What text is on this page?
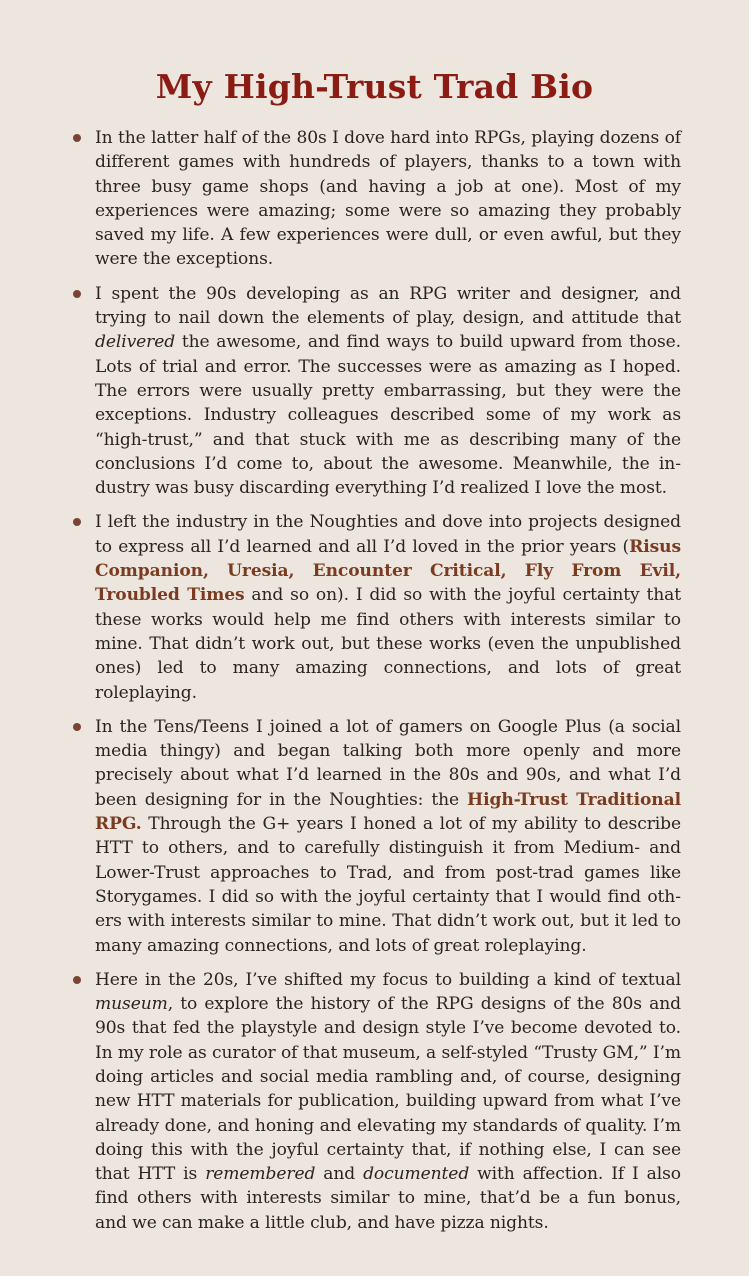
My High-Trust Trad Bio
In the latter half of the 80s I dove hard into RPGs, playing dozens of different games with hundreds of players, thanks to a town with three busy game shops (and having a job at one). Most of my experiences were amazing; some were so amazing they probably saved my life. A few experiences were dull, or even awful, but they were the exceptions.
I spent the 90s developing as an RPG writer and designer, and trying to nail down the elements of play, design, and attitude that delivered the awesome, and find ways to build upward from those. Lots of trial and error. The successes were as amazing as I hoped. The errors were usually pretty embarrassing, but they were the exceptions. Industry colleagues described some of my work as “high-trust,” and that stuck with me as describing many of the conclusions I’d come to, about the awesome. Meanwhile, the industry was busy discarding everything I’d realized I love the most.
I left the industry in the Noughties and dove into projects designed to express all I’d learned and all I’d loved in the prior years (Risus Companion, Uresia, Encounter Critical, Fly From Evil, Troubled Times and so on). I did so with the joyful certainty that these works would help me find others with interests similar to mine. That didn’t work out, but these works (even the unpublished ones) led to many amazing connections, and lots of great roleplaying.
In the Tens/Teens I joined a lot of gamers on Google Plus (a social media thingy) and began talking both more openly and more precisely about what I’d learned in the 80s and 90s, and what I’d been designing for in the Noughties: the High-Trust Traditional RPG. Through the G+ years I honed a lot of my ability to describe HTT to others, and to carefully distinguish it from Medium- and Lower-Trust approaches to Trad, and from post-trad games like Storygames. I did so with the joyful certainty that I would find others with interests similar to mine. That didn’t work out, but it led to many amazing connections, and lots of great roleplaying.
Here in the 20s, I’ve shifted my focus to building a kind of textual museum, to explore the history of the RPG designs of the 80s and 90s that fed the playstyle and design style I’ve become devoted to. In my role as curator of that museum, a self-styled “Trusty GM,” I’m doing articles and social media rambling and, of course, designing new HTT materials for publication, building upward from what I’ve already done, and honing and elevating my standards of quality. I’m doing this with the joyful certainty that, if nothing else, I can see that HTT is remembered and documented with affection. If I also find others with interests similar to mine, that’d be a fun bonus, and we can make a little club, and have pizza nights.
